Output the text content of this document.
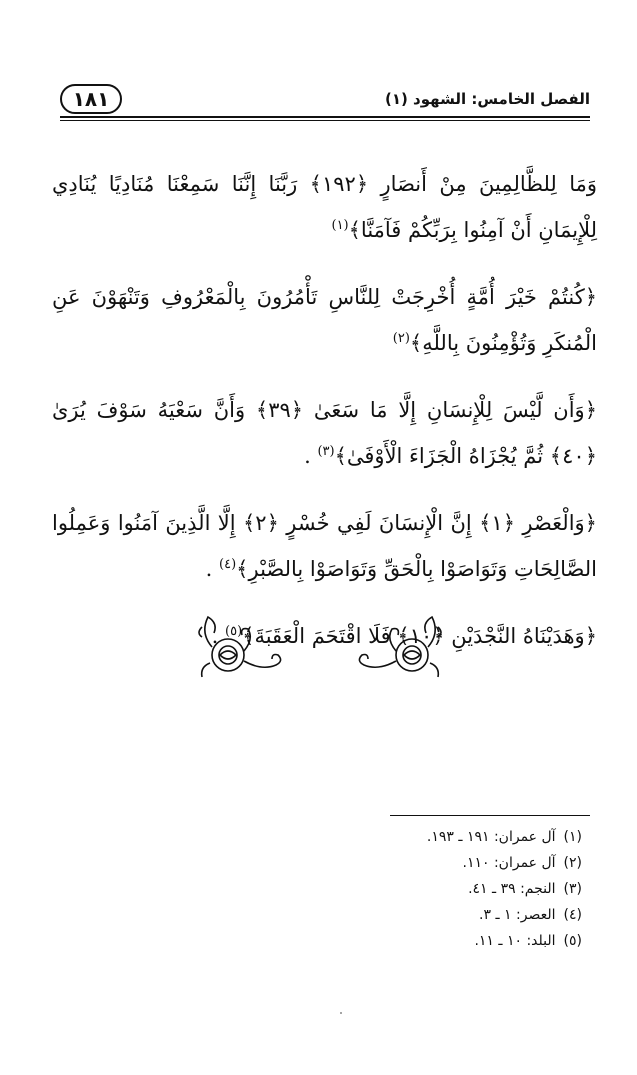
١٨١	الفصل الخامس: الشهود (١)

وَمَا لِلظَّالِمِينَ مِنْ أَنصَارٍ ﴿١٩٢﴾ رَبَّنَا إِنَّنَا سَمِعْنَا مُنَادِيًا يُنَادِي لِلْإِيمَانِ أَنْ آمِنُوا بِرَبِّكُمْ فَآمَنَّا﴾$^{(١)}$

﴿كُنتُمْ خَيْرَ أُمَّةٍ أُخْرِجَتْ لِلنَّاسِ تَأْمُرُونَ بِالْمَعْرُوفِ وَتَنْهَوْنَ عَنِ الْمُنكَرِ وَتُؤْمِنُونَ بِاللَّهِ﴾$^{(٢)}$

﴿وَأَن لَّيْسَ لِلْإِنسَانِ إِلَّا مَا سَعَىٰ ﴿٣٩﴾ وَأَنَّ سَعْيَهُ سَوْفَ يُرَىٰ ﴿٤٠﴾ ثُمَّ يُجْزَاهُ الْجَزَاءَ الْأَوْفَىٰ﴾$^{(٣)}$ .

﴿وَالْعَصْرِ ﴿١﴾ إِنَّ الْإِنسَانَ لَفِي خُسْرٍ ﴿٢﴾ إِلَّا الَّذِينَ آمَنُوا وَعَمِلُوا الصَّالِحَاتِ وَتَوَاصَوْا بِالْحَقِّ وَتَوَاصَوْا بِالصَّبْرِ﴾$^{(٤)}$ .

﴿وَهَدَيْنَاهُ النَّجْدَيْنِ ﴿١٠﴾ فَلَا اقْتَحَمَ الْعَقَبَةَ﴾$^{(٥)}$ .

(١)آل عمران: ١٩١ ـ ١٩٣.
(٢)آل عمران: ١١٠.
(٣)النجم: ٣٩ ـ ٤١.
(٤)العصر: ١ ـ ٣.
(٥)البلد: ١٠ ـ ١١.
